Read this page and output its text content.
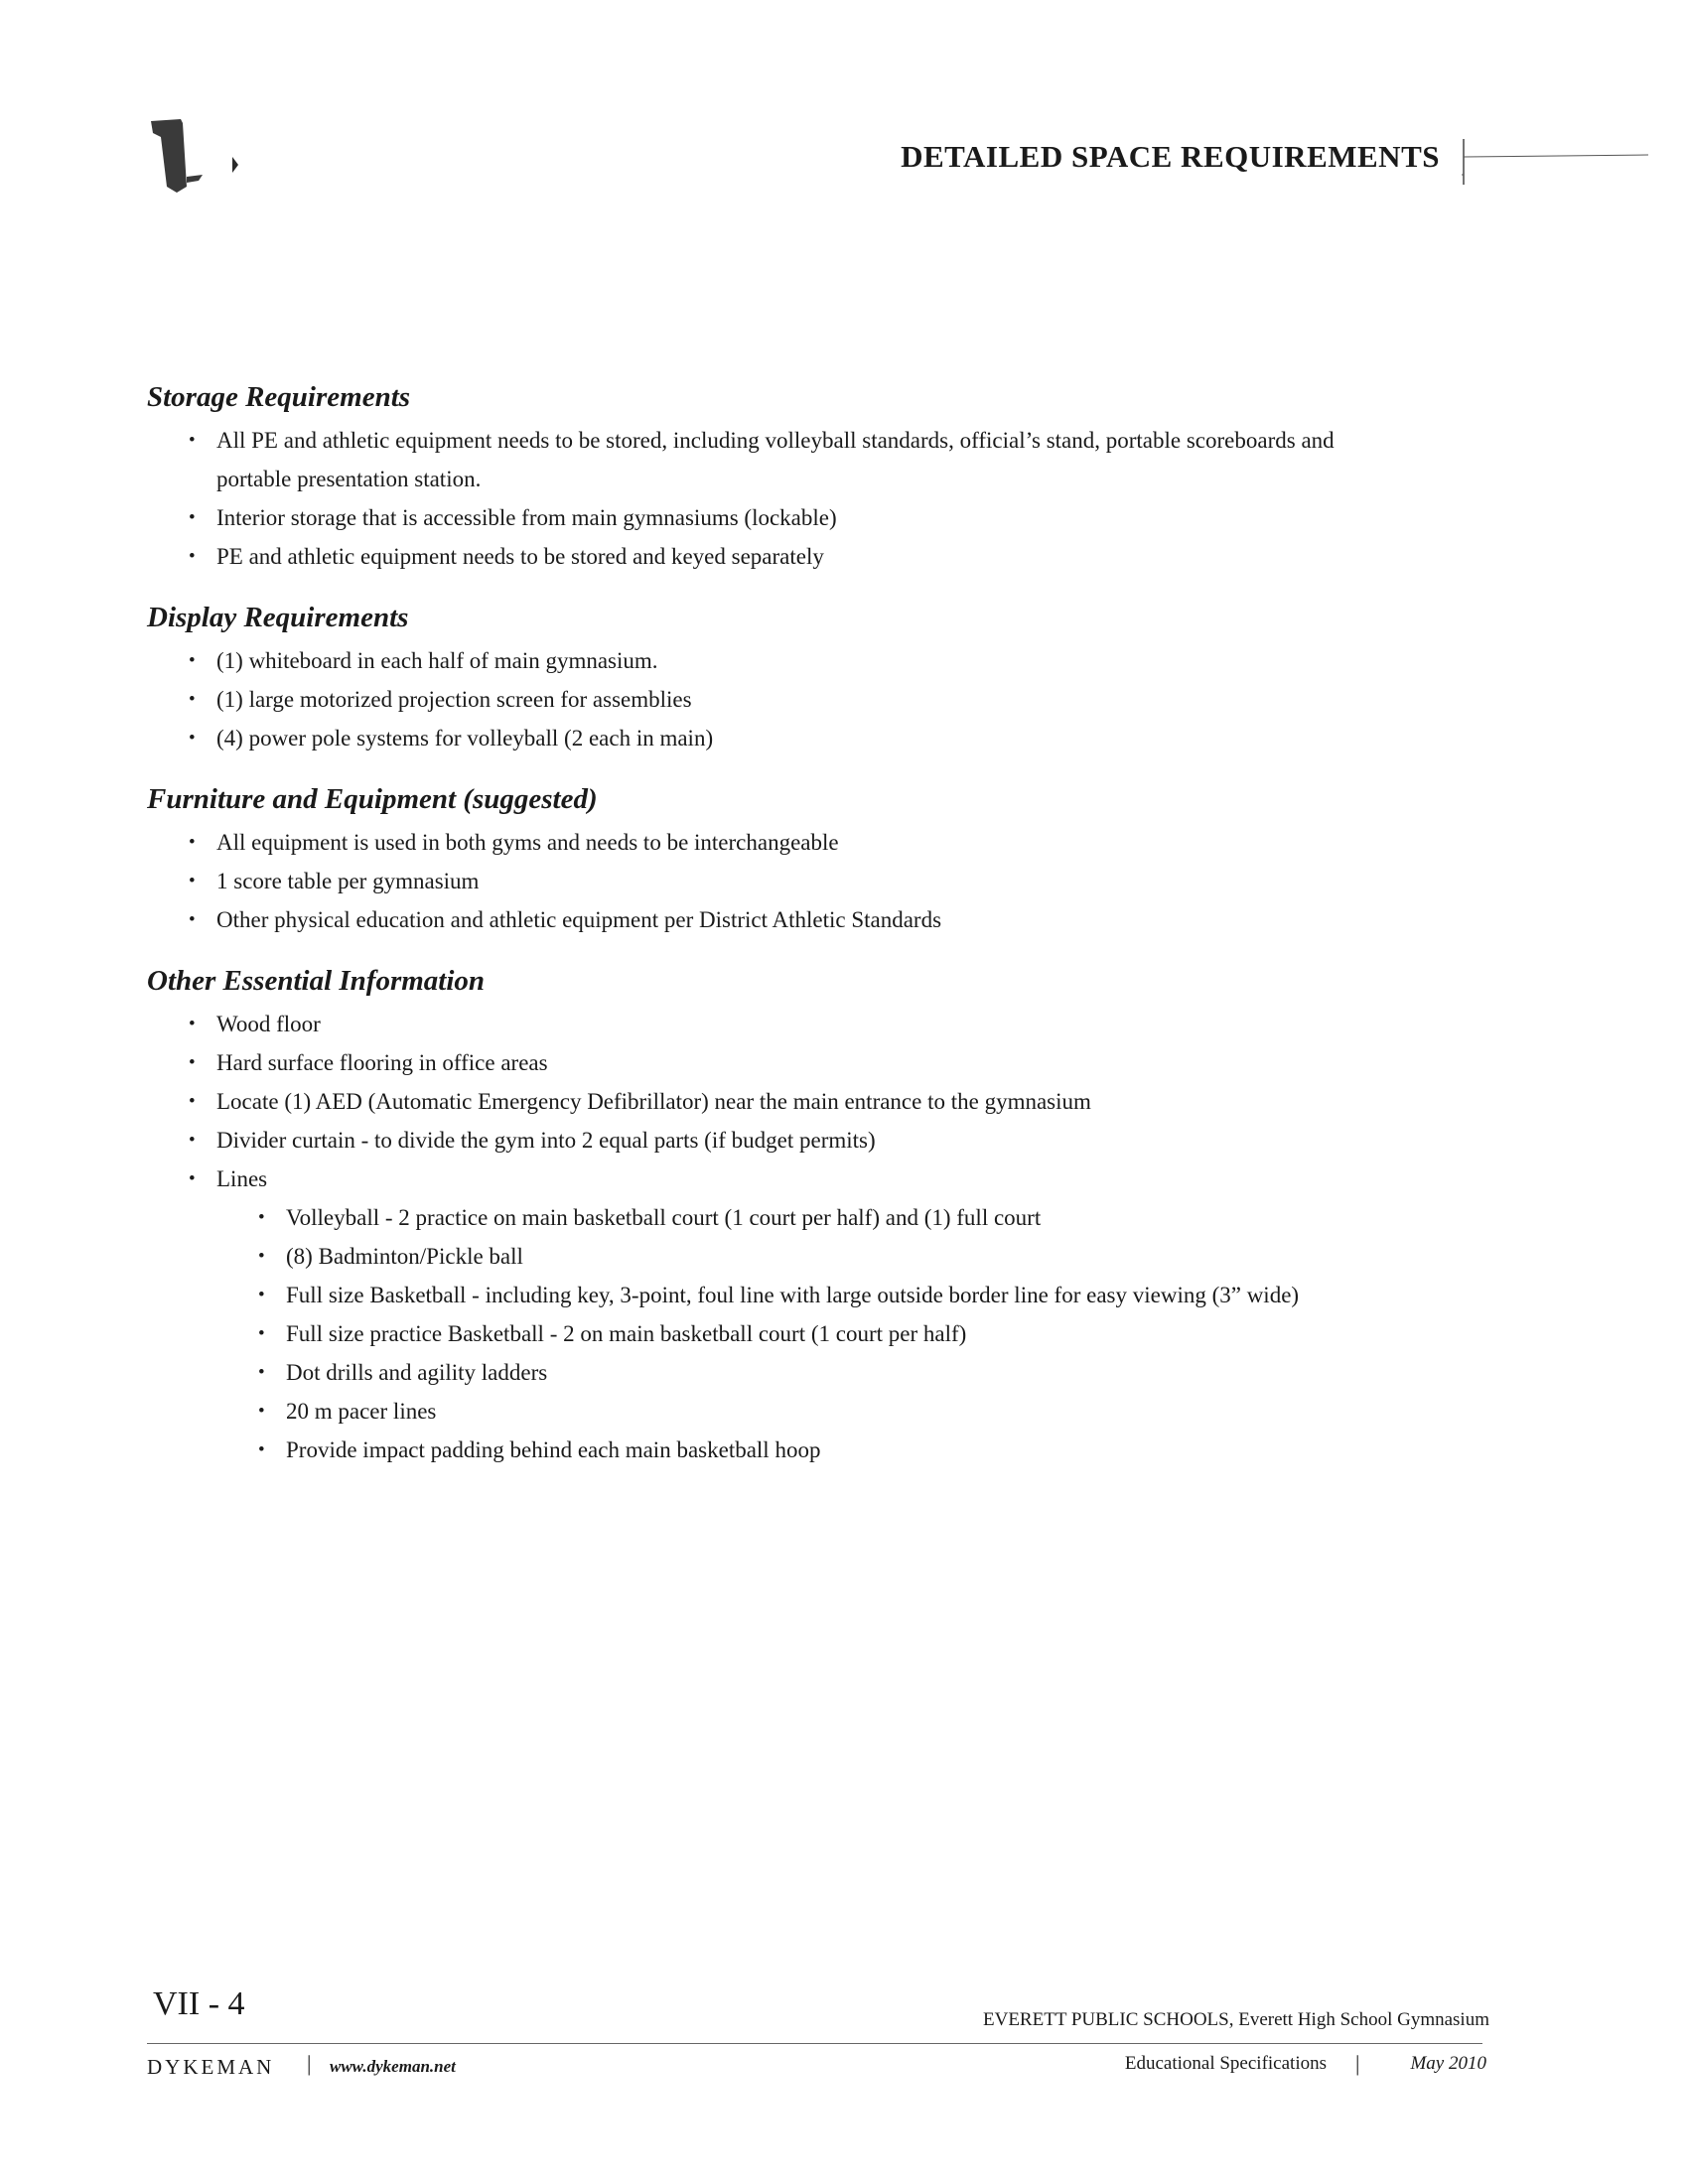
DETAILED SPACE REQUIREMENTS
Storage Requirements
• All PE and athletic equipment needs to be stored, including volleyball standards, official’s stand, portable scoreboards and
portable presentation station.
• Interior storage that is accessible from main gymnasiums (lockable)
• PE and athletic equipment needs to be stored and keyed separately
Display Requirements
• (1) whiteboard in each half of main gymnasium.
• (1) large motorized projection screen for assemblies
• (4) power pole systems for volleyball (2 each in main)
Furniture and Equipment (suggested)
• All equipment is used in both gyms and needs to be interchangeable
• 1 score table per gymnasium
• Other physical education and athletic equipment per District Athletic Standards
Other Essential Information
• Wood floor
• Hard surface flooring in office areas
• Locate (1) AED (Automatic Emergency Defibrillator) near the main entrance to the gymnasium
• Divider curtain - to divide the gym into 2 equal parts (if budget permits)
• Lines
• Volleyball - 2 practice on main basketball court (1 court per half) and (1) full court
• (8) Badminton/Pickle ball
• Full size Basketball - including key, 3-point, foul line with large outside border line for easy viewing (3” wide)
• Full size practice Basketball - 2 on main basketball court (1 court per half)
• Dot drills and agility ladders
• 20 m pacer lines
• Provide impact padding behind each main basketball hoop
VII - 4	EVERETT PUBLIC SCHOOLS, Everett High School Gymnasium
DYKEMAN | www.dykeman.net	Educational Specifications |	May 2010
